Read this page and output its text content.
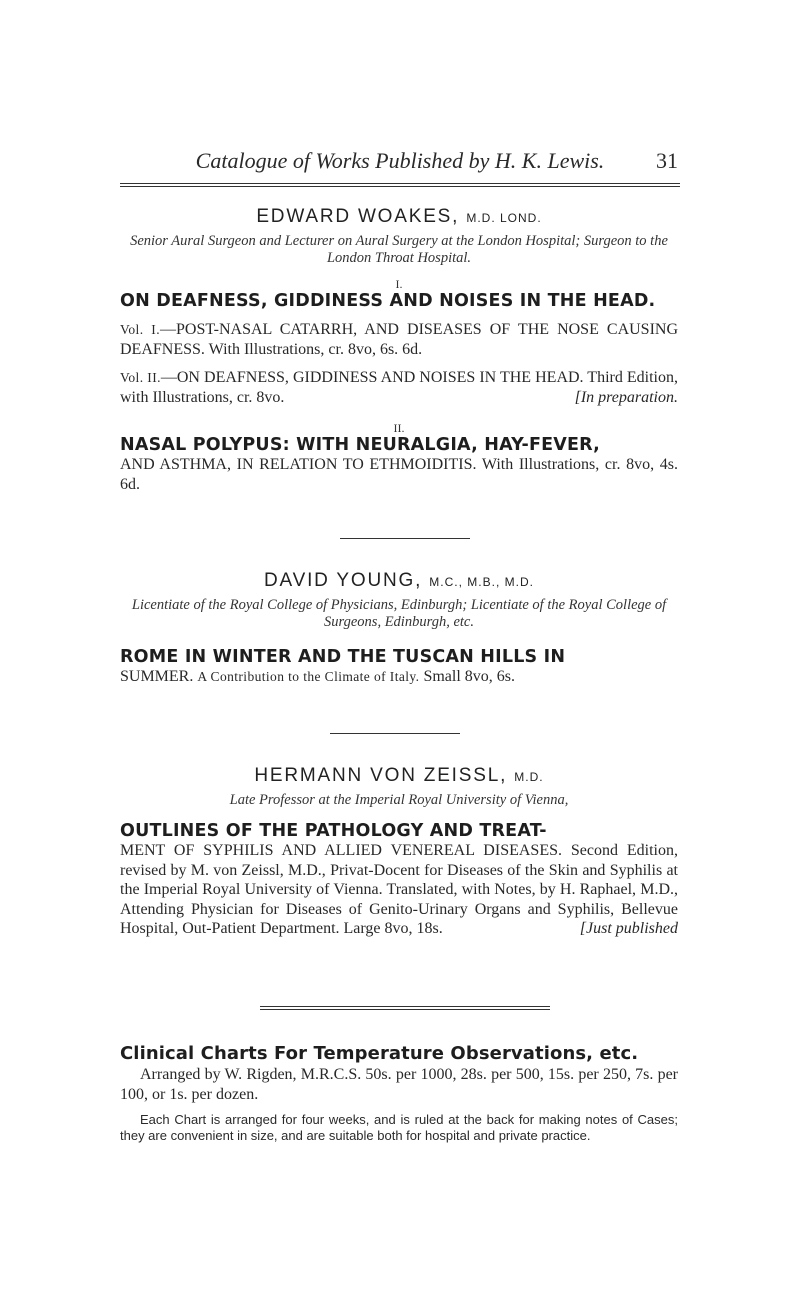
Catalogue of Works Published by H. K. Lewis.	31
EDWARD WOAKES, M.D. LOND.
Senior Aural Surgeon and Lecturer on Aural Surgery at the London Hospital; Surgeon to the London Throat Hospital.
I.
ON DEAFNESS, GIDDINESS AND NOISES IN THE HEAD.
Vol. I.—POST-NASAL CATARRH, AND DISEASES OF THE NOSE CAUSING DEAFNESS. With Illustrations, cr. 8vo, 6s. 6d.
Vol. II.—ON DEAFNESS, GIDDINESS AND NOISES IN THE HEAD. Third Edition, with Illustrations, cr. 8vo.	[In preparation.
II.
NASAL POLYPUS: WITH NEURALGIA, HAY-FEVER,
AND ASTHMA, IN RELATION TO ETHMOIDITIS. With Illustrations, cr. 8vo, 4s. 6d.
DAVID YOUNG, M.C., M.B., M.D.
Licentiate of the Royal College of Physicians, Edinburgh; Licentiate of the Royal College of Surgeons, Edinburgh, etc.
ROME IN WINTER AND THE TUSCAN HILLS IN
SUMMER. A Contribution to the Climate of Italy. Small 8vo, 6s.
HERMANN VON ZEISSL, M.D.
Late Professor at the Imperial Royal University of Vienna,
OUTLINES OF THE PATHOLOGY AND TREAT-
MENT OF SYPHILIS AND ALLIED VENEREAL DISEASES. Second Edition, revised by M. von Zeissl, M.D., Privat-Docent for Diseases of the Skin and Syphilis at the Imperial Royal University of Vienna. Translated, with Notes, by H. Raphael, M.D., Attending Physician for Diseases of Genito-Urinary Organs and Syphilis, Bellevue Hospital, Out-Patient Department. Large 8vo, 18s.	[Just published
Clinical Charts For Temperature Observations, etc.
Arranged by W. Rigden, M.R.C.S. 50s. per 1000, 28s. per 500, 15s. per 250, 7s. per 100, or 1s. per dozen.
Each Chart is arranged for four weeks, and is ruled at the back for making notes of Cases; they are convenient in size, and are suitable both for hospital and private practice.
